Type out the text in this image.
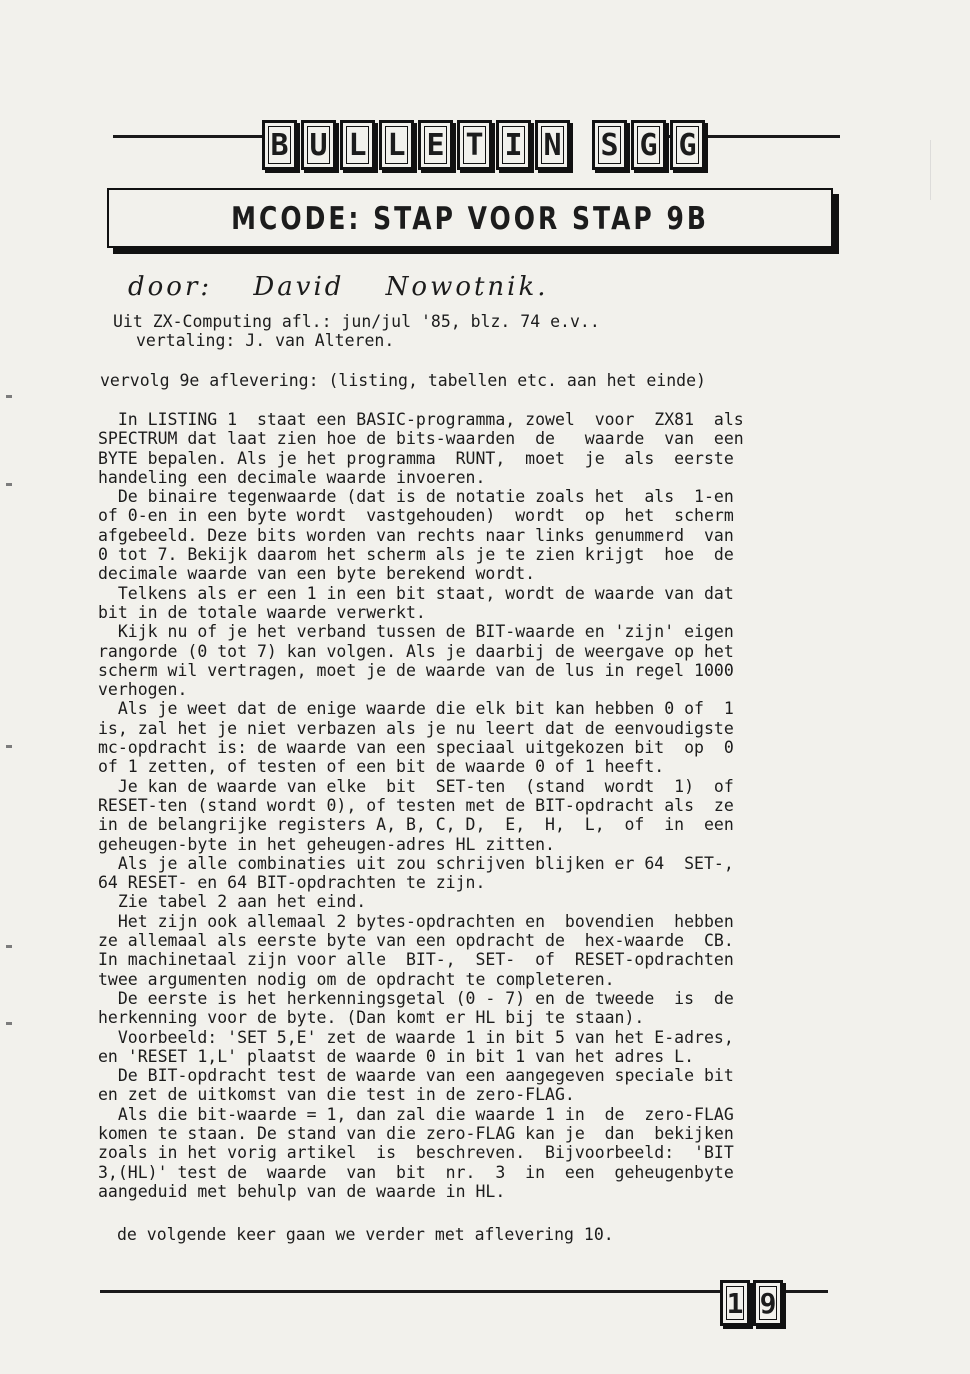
B U L L E T I N S G G
MCODE: STAP VOOR STAP 9B
door: David Nowotnik.
Uit ZX-Computing afl.: jun/jul '85, blz. 74 e.v..
vertaling: J. van Alteren.
vervolg 9e aflevering: (listing, tabellen etc. aan het einde)
In LISTING 1  staat een BASIC-programma, zowel  voor  ZX81  als
SPECTRUM dat laat zien hoe de bits-waarden  de   waarde  van  een
BYTE bepalen. Als je het programma  RUNT,  moet  je  als  eerste
handeling een decimale waarde invoeren.
De binaire tegenwaarde (dat is de notatie zoals het  als  1-en
of 0-en in een byte wordt  vastgehouden)  wordt  op  het  scherm
afgebeeld. Deze bits worden van rechts naar links genummerd  van
0 tot 7. Bekijk daarom het scherm als je te zien krijgt  hoe  de
decimale waarde van een byte berekend wordt.
Telkens als er een 1 in een bit staat, wordt de waarde van dat
bit in de totale waarde verwerkt.
Kijk nu of je het verband tussen de BIT-waarde en 'zijn' eigen
rangorde (0 tot 7) kan volgen. Als je daarbij de weergave op het
scherm wil vertragen, moet je de waarde van de lus in regel 1000
verhogen.
Als je weet dat de enige waarde die elk bit kan hebben 0 of  1
is, zal het je niet verbazen als je nu leert dat de eenvoudigste
mc-opdracht is: de waarde van een speciaal uitgekozen bit  op  0
of 1 zetten, of testen of een bit de waarde 0 of 1 heeft.
Je kan de waarde van elke  bit  SET-ten  (stand  wordt  1)  of
RESET-ten (stand wordt 0), of testen met de BIT-opdracht als  ze
in de belangrijke registers A, B, C, D,  E,  H,  L,  of  in  een
geheugen-byte in het geheugen-adres HL zitten.
Als je alle combinaties uit zou schrijven blijken er 64  SET-,
64 RESET- en 64 BIT-opdrachten te zijn.
Zie tabel 2 aan het eind.
Het zijn ook allemaal 2 bytes-opdrachten en  bovendien  hebben
ze allemaal als eerste byte van een opdracht de  hex-waarde  CB.
In machinetaal zijn voor alle  BIT-,  SET-  of  RESET-opdrachten
twee argumenten nodig om de opdracht te completeren.
De eerste is het herkenningsgetal (0 - 7) en de tweede  is  de
herkenning voor de byte. (Dan komt er HL bij te staan).
Voorbeeld: 'SET 5,E' zet de waarde 1 in bit 5 van het E-adres,
en 'RESET 1,L' plaatst de waarde 0 in bit 1 van het adres L.
De BIT-opdracht test de waarde van een aangegeven speciale bit
en zet de uitkomst van die test in de zero-FLAG.
Als die bit-waarde = 1, dan zal die waarde 1 in  de  zero-FLAG
komen te staan. De stand van die zero-FLAG kan je  dan  bekijken
zoals in het vorig artikel  is  beschreven.  Bijvoorbeeld:  'BIT
3,(HL)' test de  waarde  van  bit  nr.  3  in  een  geheugenbyte
aangeduid met behulp van de waarde in HL.
de volgende keer gaan we verder met aflevering 10.
1 9
